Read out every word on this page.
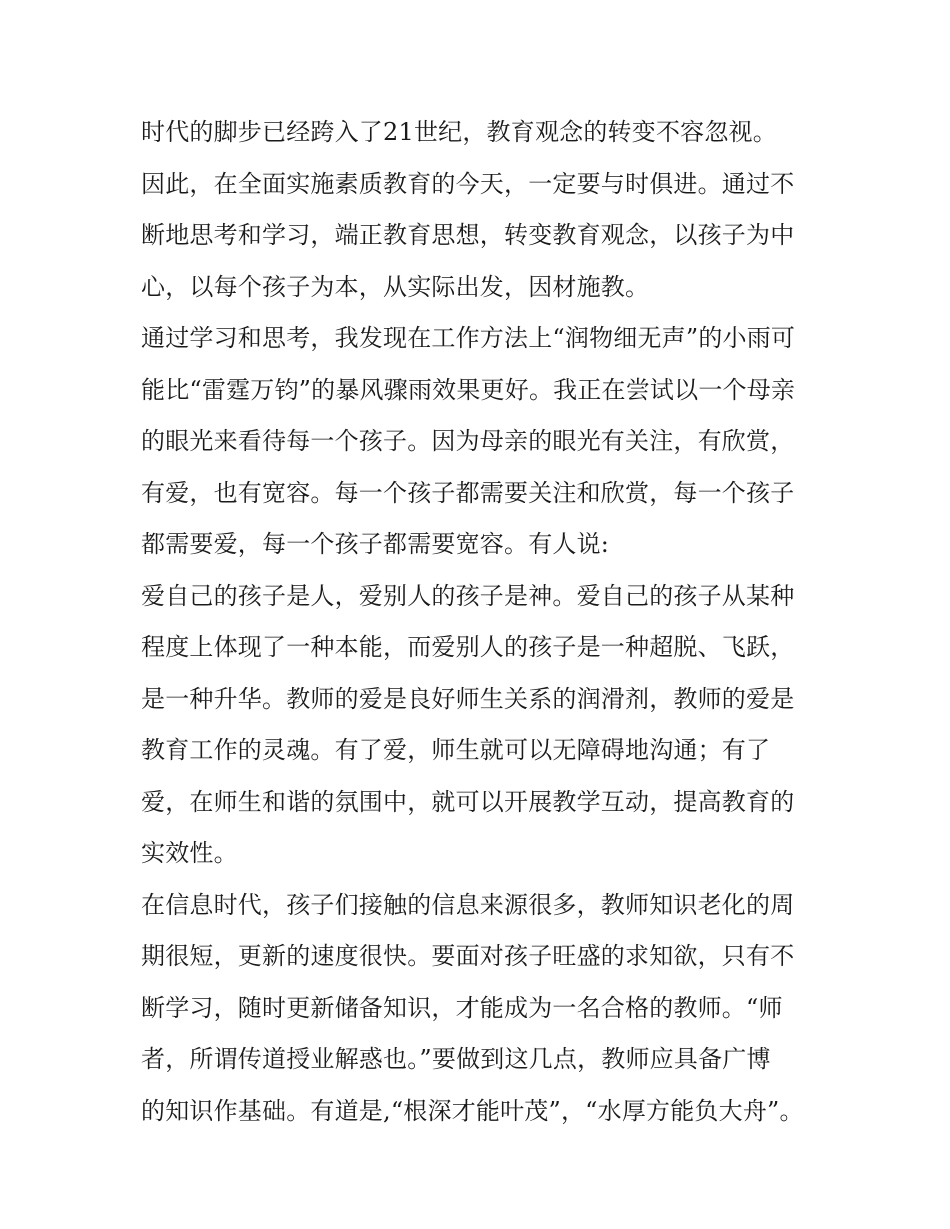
时代的脚步已经跨入了21世纪，教育观念的转变不容忽视。
因此，在全面实施素质教育的今天，一定要与时俱进。通过不
断地思考和学习，端正教育思想，转变教育观念，以孩子为中
心，以每个孩子为本，从实际出发，因材施教。
通过学习和思考，我发现在工作方法上“润物细无声”的小雨可
能比“雷霆万钧”的暴风骤雨效果更好。我正在尝试以一个母亲
的眼光来看待每一个孩子。因为母亲的眼光有关注，有欣赏，
有爱，也有宽容。每一个孩子都需要关注和欣赏，每一个孩子
都需要爱，每一个孩子都需要宽容。有人说:
爱自己的孩子是人，爱别人的孩子是神。爱自己的孩子从某种
程度上体现了一种本能，而爱别人的孩子是一种超脱、飞跃，
是一种升华。教师的爱是良好师生关系的润滑剂，教师的爱是
教育工作的灵魂。有了爱，师生就可以无障碍地沟通；有了
爱，在师生和谐的氛围中，就可以开展教学互动，提高教育的
实效性。
在信息时代，孩子们接触的信息来源很多，教师知识老化的周
期很短，更新的速度很快。要面对孩子旺盛的求知欲，只有不
断学习，随时更新储备知识，才能成为一名合格的教师。“师
者，所谓传道授业解惑也。”要做到这几点，教师应具备广博
的知识作基础。有道是,“根深才能叶茂”，“水厚方能负大舟”。
